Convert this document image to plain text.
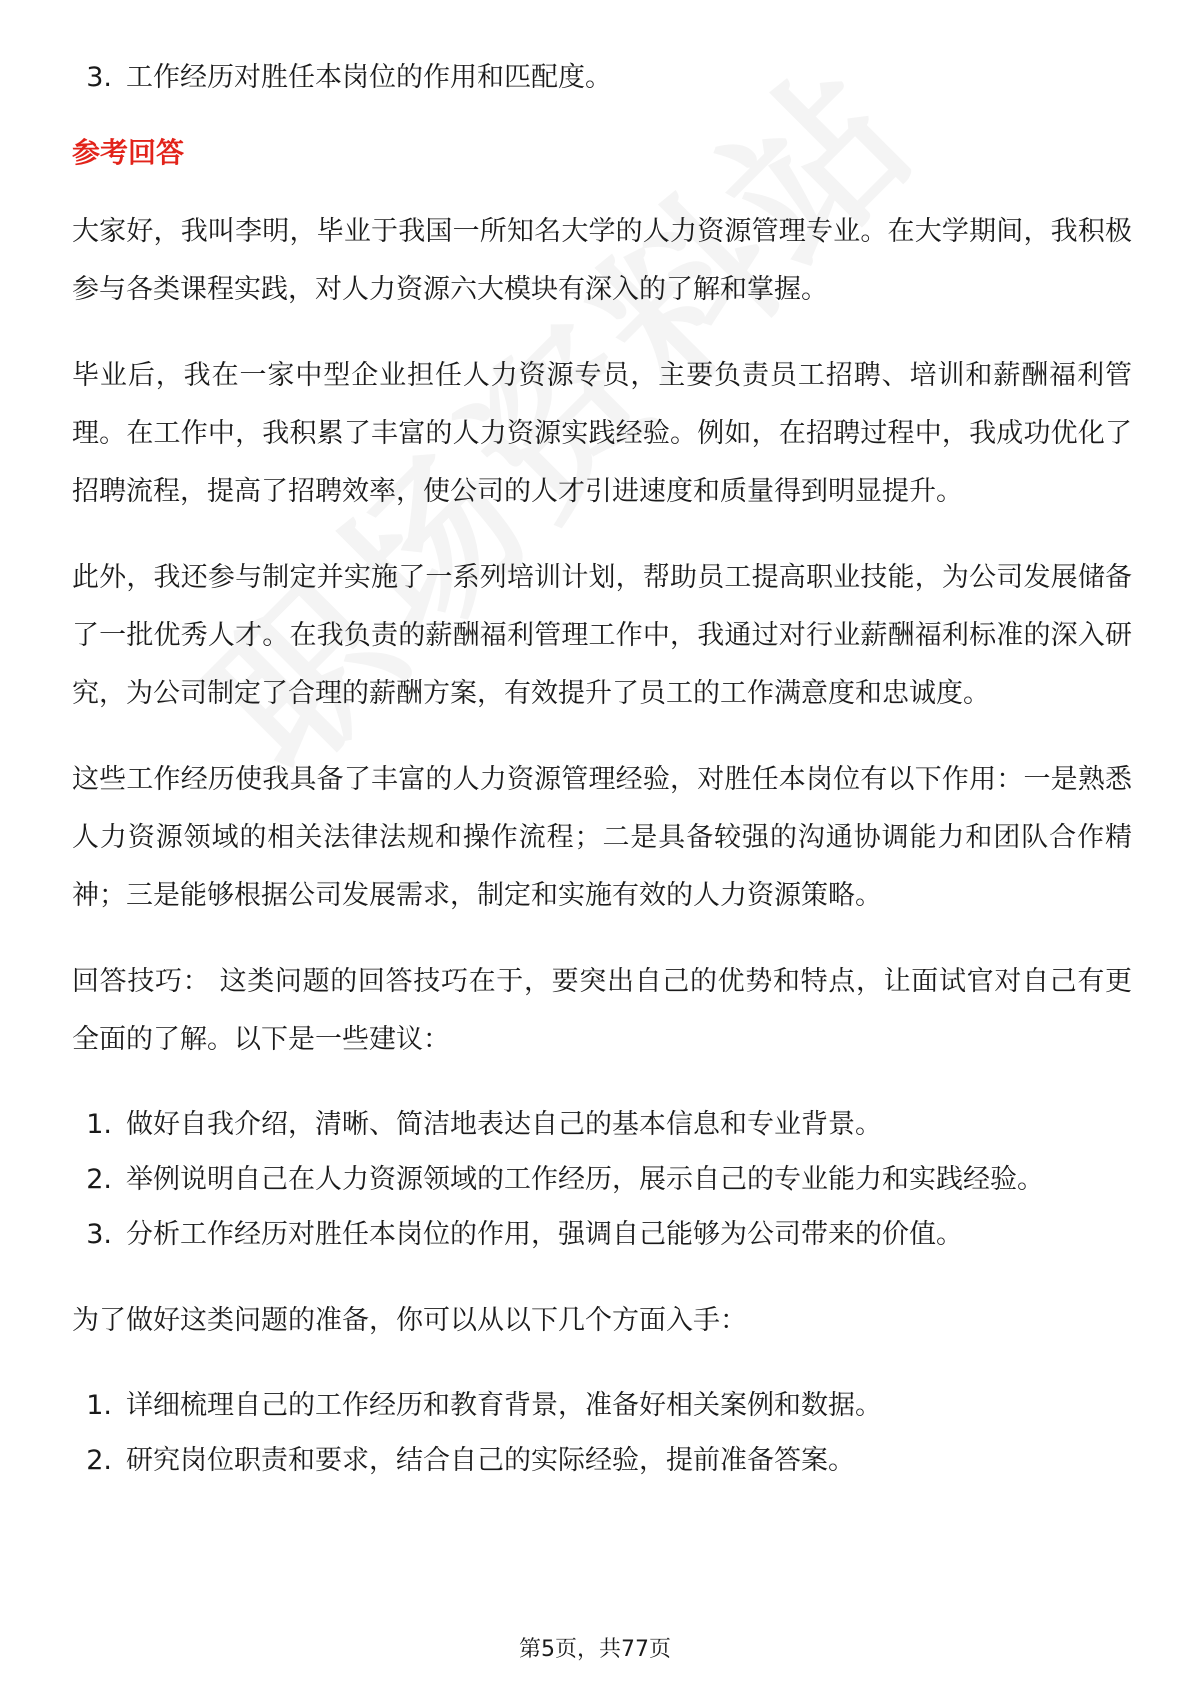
3. 工作经历对胜任本岗位的作用和匹配度。
参考回答

大家好，我叫李明，毕业于我国一所知名大学的人力资源管理专业。在大学期间，我积极参与各类课程实践，对人力资源六大模块有深入的了解和掌握。

毕业后，我在一家中型企业担任人力资源专员，主要负责员工招聘、培训和薪酬福利管理。在工作中，我积累了丰富的人力资源实践经验。例如，在招聘过程中，我成功优化了招聘流程，提高了招聘效率，使公司的人才引进速度和质量得到明显提升。

此外，我还参与制定并实施了一系列培训计划，帮助员工提高职业技能，为公司发展储备了一批优秀人才。在我负责的薪酬福利管理工作中，我通过对行业薪酬福利标准的深入研究，为公司制定了合理的薪酬方案，有效提升了员工的工作满意度和忠诚度。

这些工作经历使我具备了丰富的人力资源管理经验，对胜任本岗位有以下作用：一是熟悉人力资源领域的相关法律法规和操作流程；二是具备较强的沟通协调能力和团队合作精神；三是能够根据公司发展需求，制定和实施有效的人力资源策略。

回答技巧： 这类问题的回答技巧在于，要突出自己的优势和特点，让面试官对自己有更全面的了解。以下是一些建议：

1. 做好自我介绍，清晰、简洁地表达自己的基本信息和专业背景。
2. 举例说明自己在人力资源领域的工作经历，展示自己的专业能力和实践经验。
3. 分析工作经历对胜任本岗位的作用，强调自己能够为公司带来的价值。

为了做好这类问题的准备，你可以从以下几个方面入手：

1. 详细梳理自己的工作经历和教育背景，准备好相关案例和数据。
2. 研究岗位职责和要求，结合自己的实际经验，提前准备答案。
第5页，共77页
